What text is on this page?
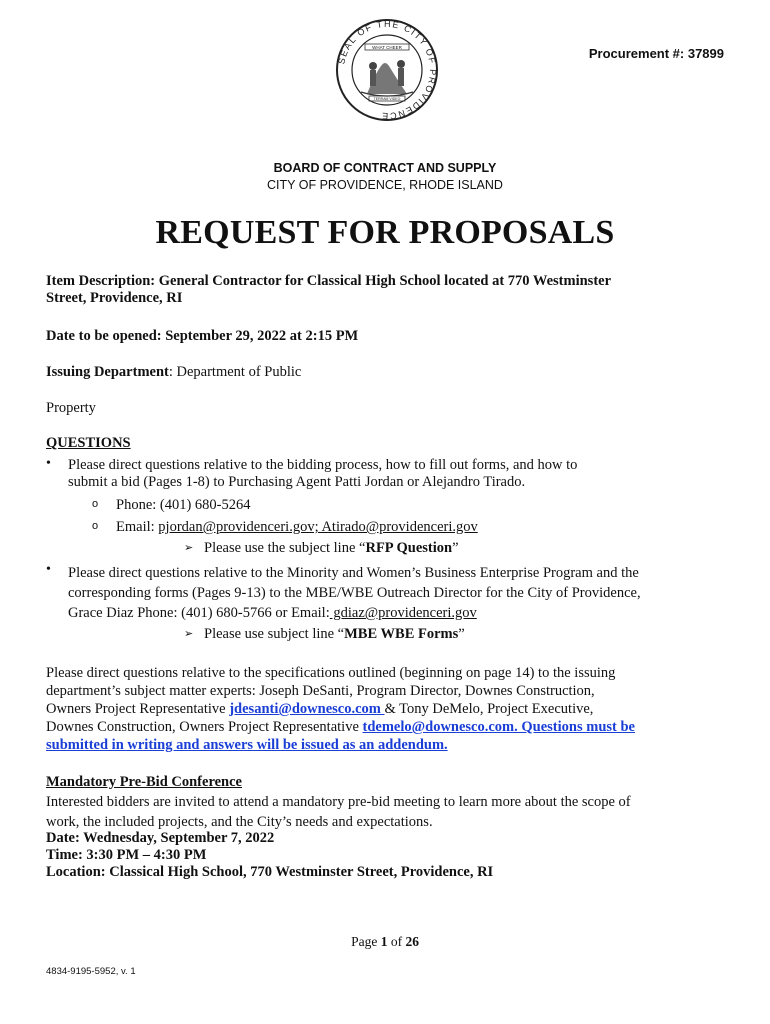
Procurement #: 37899
SEAL OF THE CITY OF PROVIDENCE
WHAT CHEER
TERRAM VIDEO
BOARD OF CONTRACT AND SUPPLY
CITY OF PROVIDENCE, RHODE ISLAND
REQUEST FOR PROPOSALS
Item Description: General Contractor for Classical High School located at 770 Westminster
Street, Providence, RI
Date to be opened: September 29, 2022 at 2:15 PM
Issuing Department: Department of Public
Property
QUESTIONS
• Please direct questions relative to the bidding process, how to fill out forms, and how to
submit a bid (Pages 1-8) to Purchasing Agent Patti Jordan or Alejandro Tirado.
o Phone: (401) 680-5264
o Email: pjordan@providenceri.gov; Atirado@providenceri.gov
➢ Please use the subject line “RFP Question”
• Please direct questions relative to the Minority and Women’s Business Enterprise Program and the
corresponding forms (Pages 9-13) to the MBE/WBE Outreach Director for the City of Providence,
Grace Diaz Phone: (401) 680-5766 or Email: gdiaz@providenceri.gov
➢ Please use subject line “MBE WBE Forms”
Please direct questions relative to the specifications outlined (beginning on page 14) to the issuing
department’s subject matter experts: Joseph DeSanti, Program Director, Downes Construction,
Owners Project Representative jdesanti@downesco.com & Tony DeMelo, Project Executive,
Downes Construction, Owners Project Representative tdemelo@downesco.com. Questions must be
submitted in writing and answers will be issued as an addendum.
Mandatory Pre-Bid Conference
Interested bidders are invited to attend a mandatory pre-bid meeting to learn more about the scope of
work, the included projects, and the City’s needs and expectations.
Date: Wednesday, September 7, 2022
Time: 3:30 PM – 4:30 PM
Location: Classical High School, 770 Westminster Street, Providence, RI
Page 1 of 26
4834-9195-5952, v. 1
